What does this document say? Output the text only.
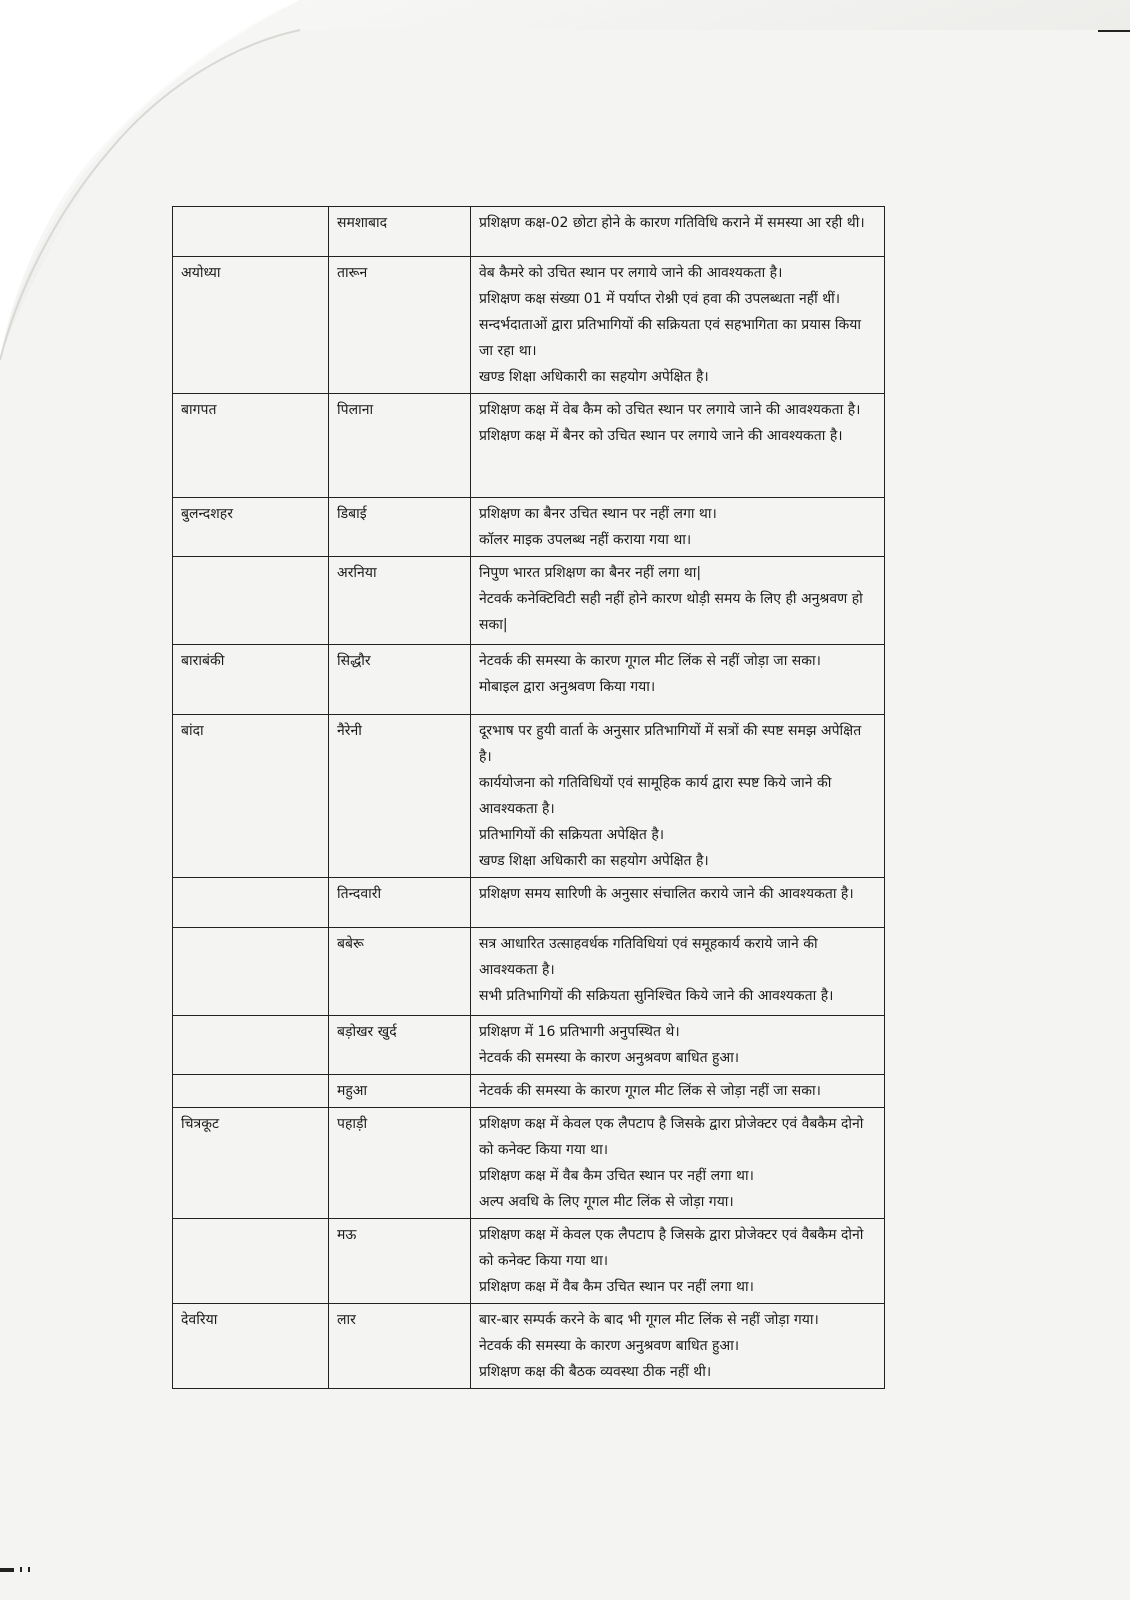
	समशाबाद	प्रशिक्षण कक्ष-02 छोटा होने के कारण गतिविधि कराने में समस्या आ रही थी।

अयोध्या	तारून	वेब कैमरे को उचित स्थान पर लगाये जाने की आवश्यकता है।
प्रशिक्षण कक्ष संख्या 01 में पर्याप्त रोश्नी एवं हवा की उपलब्धता नहीं थीं।
सन्दर्भदाताओं द्वारा प्रतिभागियों की सक्रियता एवं सहभागिता का प्रयास किया जा रहा था।
खण्ड शिक्षा अधिकारी का सहयोग अपेक्षित है।

बागपत	पिलाना	प्रशिक्षण कक्ष में वेब कैम को उचित स्थान पर लगाये जाने की आवश्यकता है।
प्रशिक्षण कक्ष में बैनर को उचित स्थान पर लगाये जाने की आवश्यकता है।

बुलन्दशहर	डिबाई	प्रशिक्षण का बैनर उचित स्थान पर नहीं लगा था।
कॉलर माइक उपलब्ध नहीं कराया गया था।

	अरनिया	निपुण भारत प्रशिक्षण का बैनर नहीं लगा था|
नेटवर्क कनेक्टिविटी सही नहीं होने कारण थोड़ी समय के लिए ही अनुश्रवण हो सका|

बाराबंकी	सिद्धौर	नेटवर्क की समस्या के कारण गूगल मीट लिंक से नहीं जोड़ा जा सका।
मोबाइल द्वारा अनुश्रवण किया गया।

बांदा	नैरेनी	दूरभाष पर हुयी वार्ता के अनुसार प्रतिभागियों में सत्रों की स्पष्ट समझ अपेक्षित है।
कार्ययोजना को गतिविधियों एवं सामूहिक कार्य द्वारा स्पष्ट किये जाने की आवश्यकता है।
प्रतिभागियों की सक्रियता अपेक्षित है।
खण्ड शिक्षा अधिकारी का सहयोग अपेक्षित है।

	तिन्दवारी	प्रशिक्षण समय सारिणी के अनुसार संचालित कराये जाने की आवश्यकता है।

	बबेरू	सत्र आधारित उत्साहवर्धक गतिविधियां एवं समूहकार्य कराये जाने की आवश्यकता है।
सभी प्रतिभागियों की सक्रियता सुनिश्चित किये जाने की आवश्यकता है।

	बड़ोखर खुर्द	प्रशिक्षण में 16 प्रतिभागी अनुपस्थित थे।
नेटवर्क की समस्या के कारण अनुश्रवण बाधित हुआ।

	महुआ	नेटवर्क की समस्या के कारण गूगल मीट लिंक से जोड़ा नहीं जा सका।

चित्रकूट	पहाड़ी	प्रशिक्षण कक्ष में केवल एक लैपटाप है जिसके द्वारा प्रोजेक्टर एवं वैबकैम दोनो को कनेक्ट किया गया था।
प्रशिक्षण कक्ष में वैब कैम उचित स्थान पर नहीं लगा था।
अल्प अवधि के लिए गूगल मीट लिंक से जोड़ा गया।

	मऊ	प्रशिक्षण कक्ष में केवल एक लैपटाप है जिसके द्वारा प्रोजेक्टर एवं वैबकैम दोनो को कनेक्ट किया गया था।
प्रशिक्षण कक्ष में वैब कैम उचित स्थान पर नहीं लगा था।

देवरिया	लार	बार-बार सम्पर्क करने के बाद भी गूगल मीट लिंक से नहीं जोड़ा गया।
नेटवर्क की समस्या के कारण अनुश्रवण बाधित हुआ।
प्रशिक्षण कक्ष की बैठक व्यवस्था ठीक नहीं थी।
